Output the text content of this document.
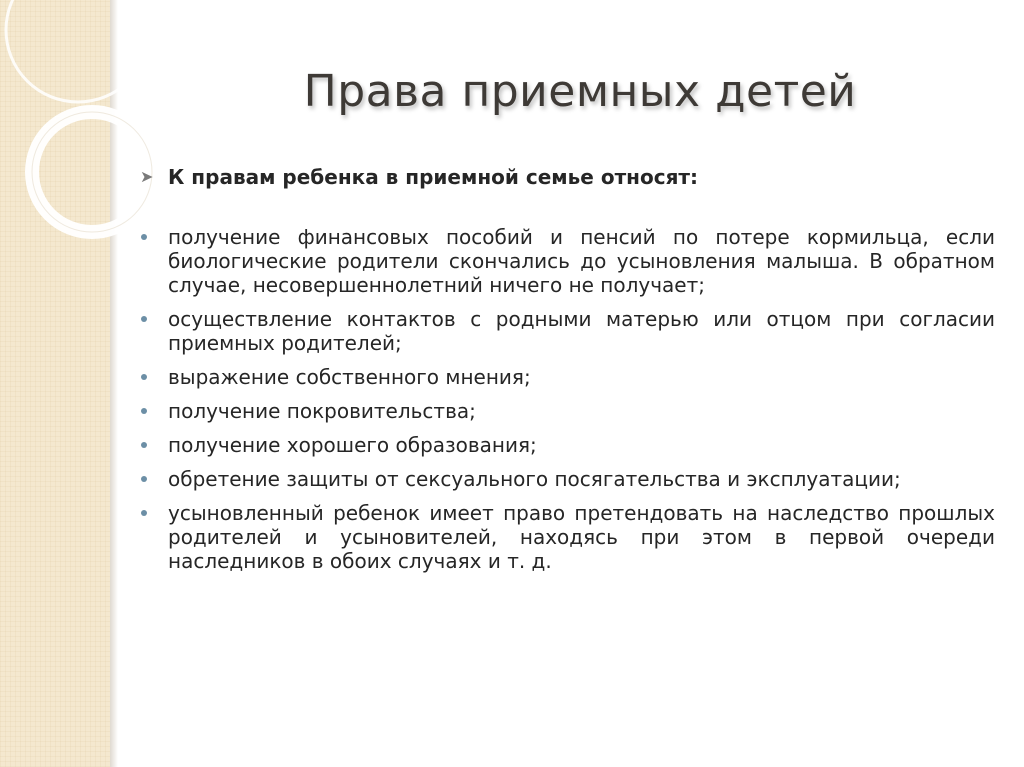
Права приемных детей
➤ К правам ребенка в приемной семье относят:
получение финансовых пособий и пенсий по потере кормильца, если биологические родители скончались до усыновления малыша. В обратном случае, несовершеннолетний ничего не получает;
осуществление контактов с родными матерью или отцом при согласии приемных родителей;
выражение собственного мнения;
получение покровительства;
получение хорошего образования;
обретение защиты от сексуального посягательства и эксплуатации;
усыновленный ребенок имеет право претендовать на наследство прошлых родителей и усыновителей, находясь при этом в первой очереди наследников в обоих случаях и т. д.
